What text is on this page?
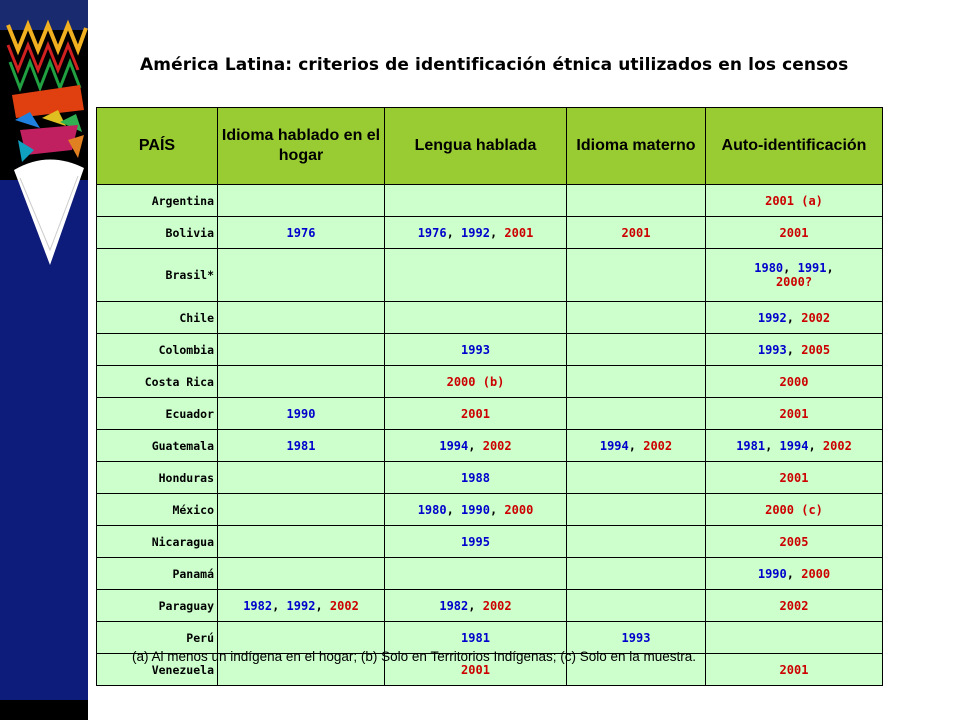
América Latina: criterios de identificación étnica utilizados en los censos
PAÍS	Idioma hablado en el hogar	Lengua hablada	Idioma materno	Auto-identificación
Argentina				2001 (a)
Bolivia	1976	1976, 1992, 2001	2001	2001
Brasil*				1980, 1991,
2000?
Chile				1992, 2002
Colombia		1993		1993, 2005
Costa Rica		2000 (b)		2000
Ecuador	1990	2001		2001
Guatemala	1981	1994, 2002	1994, 2002	1981, 1994, 2002
Honduras		1988		2001
México		1980, 1990, 2000		2000 (c)
Nicaragua		1995		2005
Panamá				1990, 2000
Paraguay	1982, 1992, 2002	1982, 2002		2002
Perú		1981	1993	
Venezuela		2001		2001
(a) Al menos un indígena en el hogar; (b) Solo en Territorios Indígenas; (c) Solo en la muestra.
